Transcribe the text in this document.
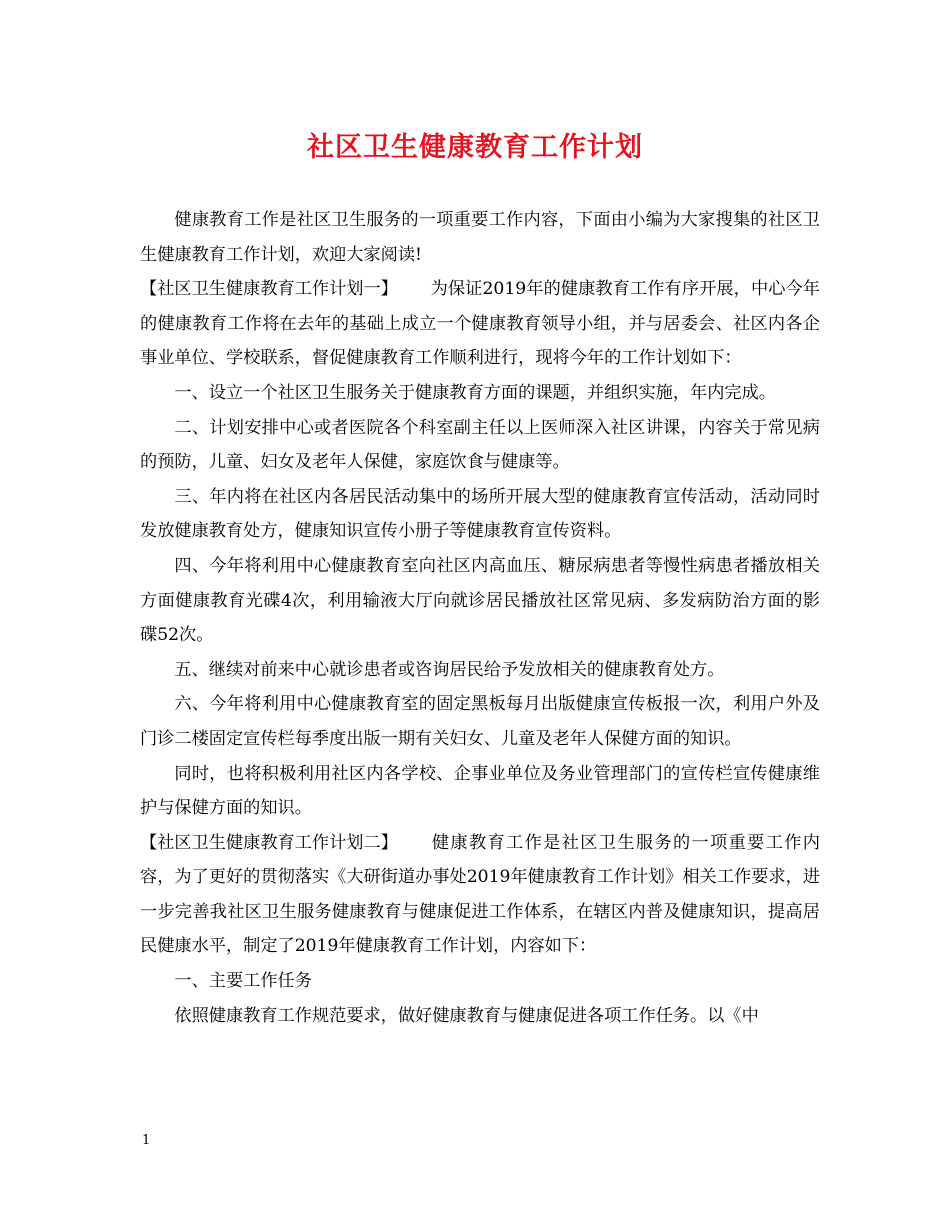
社区卫生健康教育工作计划

健康教育工作是社区卫生服务的一项重要工作内容，下面由小编为大家搜集的社区卫生健康教育工作计划，欢迎大家阅读!

【社区卫生健康教育工作计划一】 为保证2019年的健康教育工作有序开展，中心今年的健康教育工作将在去年的基础上成立一个健康教育领导小组，并与居委会、社区内各企事业单位、学校联系，督促健康教育工作顺利进行，现将今年的工作计划如下：

一、设立一个社区卫生服务关于健康教育方面的课题，并组织实施，年内完成。

二、计划安排中心或者医院各个科室副主任以上医师深入社区讲课，内容关于常见病的预防，儿童、妇女及老年人保健，家庭饮食与健康等。

三、年内将在社区内各居民活动集中的场所开展大型的健康教育宣传活动，活动同时发放健康教育处方，健康知识宣传小册子等健康教育宣传资料。

四、今年将利用中心健康教育室向社区内高血压、糖尿病患者等慢性病患者播放相关方面健康教育光碟4次，利用输液大厅向就诊居民播放社区常见病、多发病防治方面的影碟52次。

五、继续对前来中心就诊患者或咨询居民给予发放相关的健康教育处方。

六、今年将利用中心健康教育室的固定黑板每月出版健康宣传板报一次，利用户外及门诊二楼固定宣传栏每季度出版一期有关妇女、儿童及老年人保健方面的知识。

同时，也将积极利用社区内各学校、企事业单位及务业管理部门的宣传栏宣传健康维护与保健方面的知识。

【社区卫生健康教育工作计划二】 健康教育工作是社区卫生服务的一项重要工作内容，为了更好的贯彻落实《大研街道办事处2019年健康教育工作计划》相关工作要求，进一步完善我社区卫生服务健康教育与健康促进工作体系，在辖区内普及健康知识，提高居民健康水平，制定了2019年健康教育工作计划，内容如下：

一、主要工作任务

依照健康教育工作规范要求，做好健康教育与健康促进各项工作任务。以《中

1
